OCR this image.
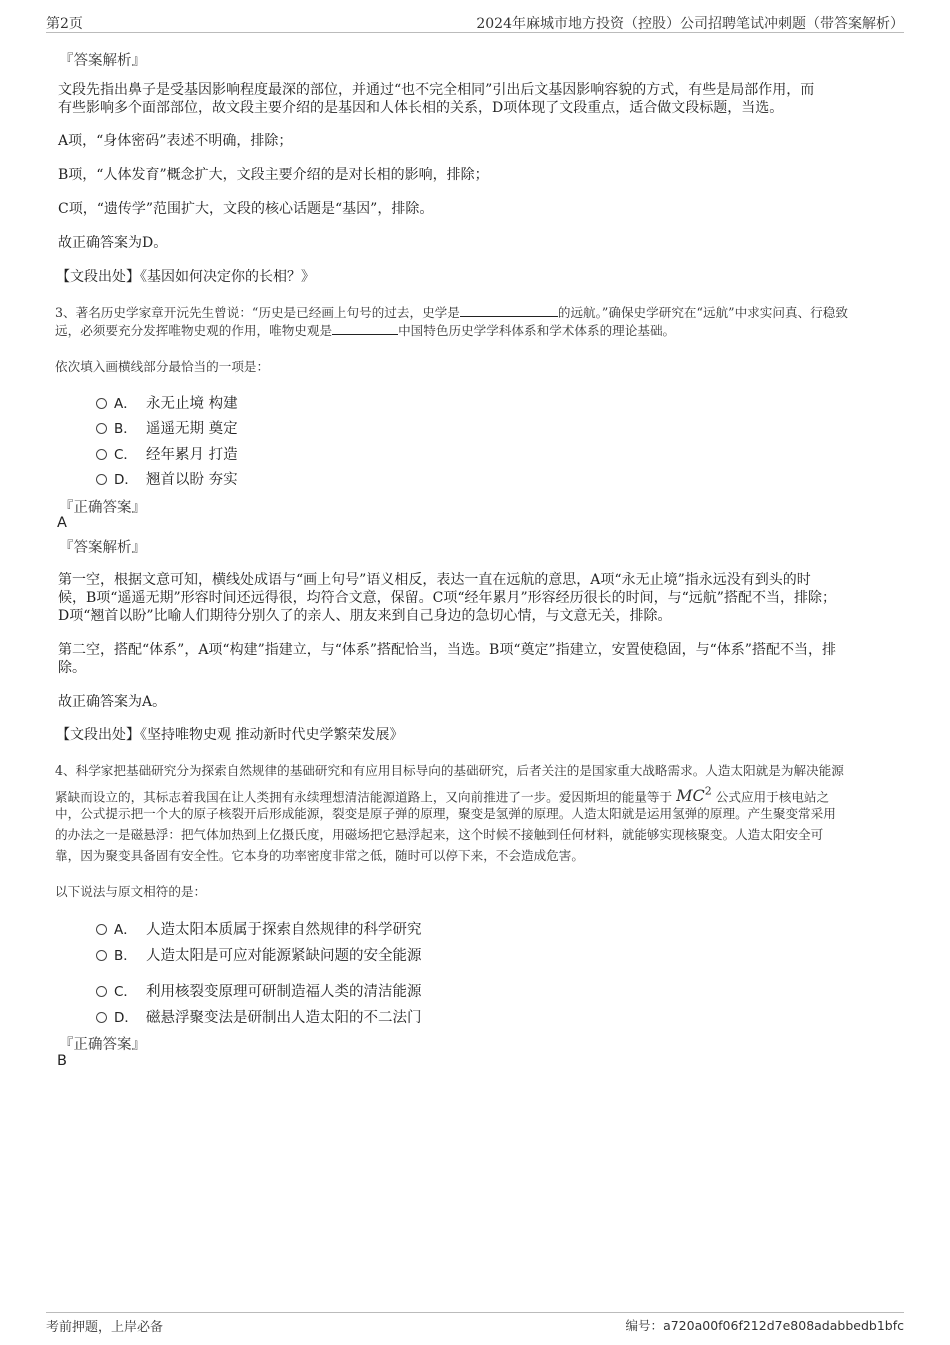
第2页	2024年麻城市地方投资（控股）公司招聘笔试冲刺题（带答案解析）
『答案解析』
文段先指出鼻子是受基因影响程度最深的部位，并通过“也不完全相同”引出后文基因影响容貌的方式，有些是局部作用，而
有些影响多个面部部位，故文段主要介绍的是基因和人体长相的关系，D项体现了文段重点，适合做文段标题，当选。
A项，“身体密码”表述不明确，排除；
B项，“人体发育”概念扩大，文段主要介绍的是对长相的影响，排除；
C项，“遗传学”范围扩大，文段的核心话题是“基因”，排除。
故正确答案为D。
【文段出处】《基因如何决定你的长相？》
3、著名历史学家章开沅先生曾说：“历史是已经画上句号的过去，史学是	的远航。”确保史学研究在“远航”中求实问真、行稳致
远，必须要充分发挥唯物史观的作用，唯物史观是	中国特色历史学学科体系和学术体系的理论基础。
依次填入画横线部分最恰当的一项是：
A． 永无止境 构建
B． 遥遥无期 奠定
C． 经年累月 打造
D． 翘首以盼 夯实
『正确答案』
A
『答案解析』
第一空，根据文意可知，横线处成语与“画上句号”语义相反，表达一直在远航的意思，A项“永无止境”指永远没有到头的时
候，B项“遥遥无期”形容时间还远得很，均符合文意，保留。C项“经年累月”形容经历很长的时间，与“远航”搭配不当，排除；
D项“翘首以盼”比喻人们期待分别久了的亲人、朋友来到自己身边的急切心情，与文意无关，排除。
第二空，搭配“体系”，A项“构建”指建立，与“体系”搭配恰当，当选。B项“奠定”指建立，安置使稳固，与“体系”搭配不当，排
除。
故正确答案为A。
【文段出处】《坚持唯物史观 推动新时代史学繁荣发展》
4、科学家把基础研究分为探索自然规律的基础研究和有应用目标导向的基础研究，后者关注的是国家重大战略需求。人造太阳就是为解决能源
紧缺而设立的，其标志着我国在让人类拥有永续理想清洁能源道路上，又向前推进了一步。爱因斯坦的能量等于 $MC^2$ 公式应用于核电站之
中，公式提示把一个大的原子核裂开后形成能源，裂变是原子弹的原理，聚变是氢弹的原理。人造太阳就是运用氢弹的原理。产生聚变常采用
的办法之一是磁悬浮：把气体加热到上亿摄氏度，用磁场把它悬浮起来，这个时候不接触到任何材料，就能够实现核聚变。人造太阳安全可
靠，因为聚变具备固有安全性。它本身的功率密度非常之低，随时可以停下来，不会造成危害。
以下说法与原文相符的是：
A． 人造太阳本质属于探索自然规律的科学研究
B． 人造太阳是可应对能源紧缺问题的安全能源
C． 利用核裂变原理可研制造福人类的清洁能源
D． 磁悬浮聚变法是研制出人造太阳的不二法门
『正确答案』
B
考前押题，上岸必备	编号：a720a00f06f212d7e808adabbedb1bfc
